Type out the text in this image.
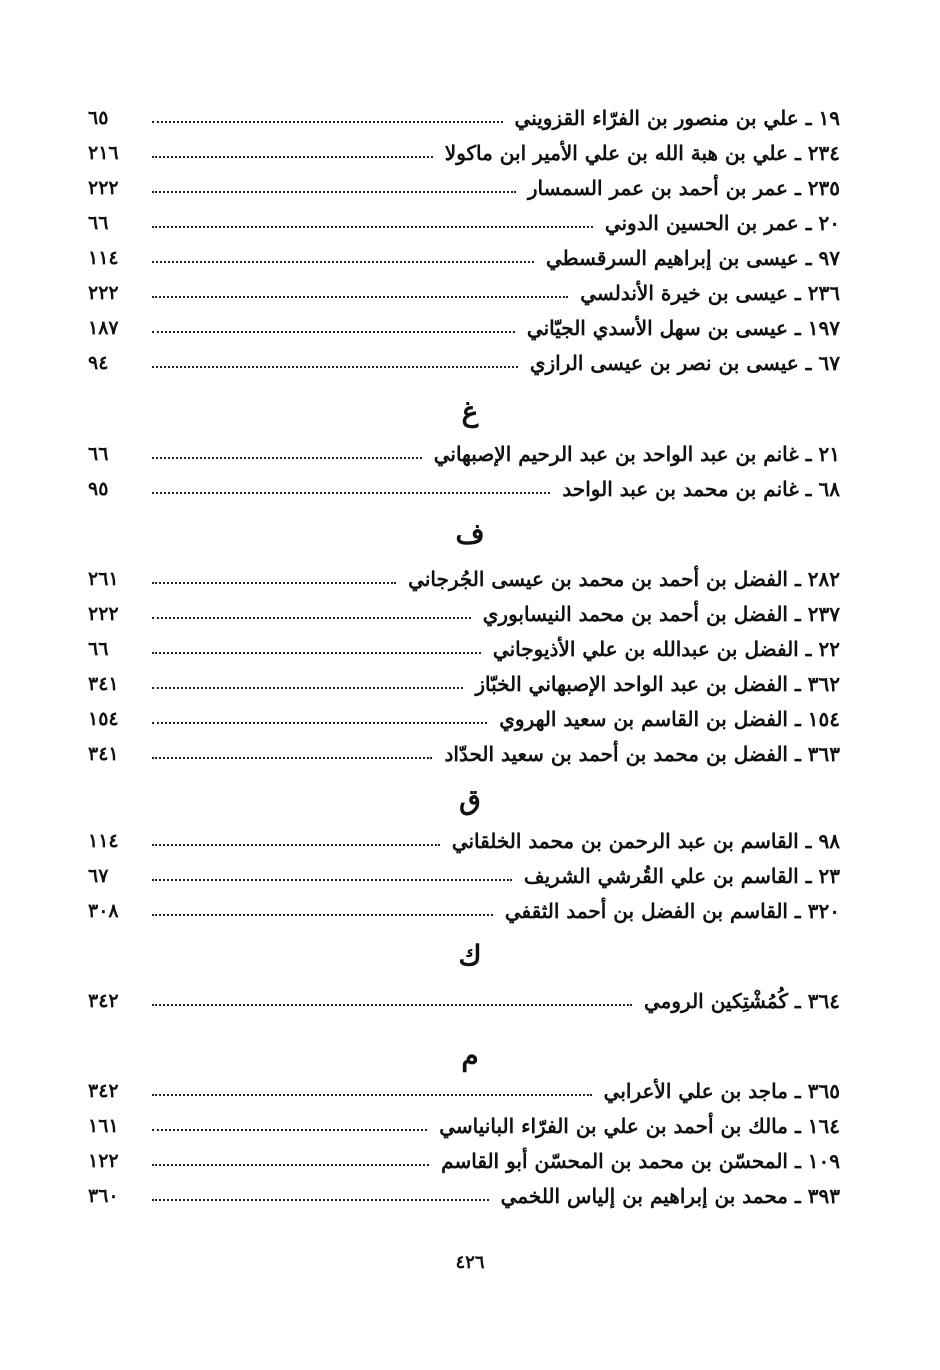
١٩ ـ علي بن منصور بن الفرّاء القزويني
٦٥
٢٣٤ ـ علي بن هبة الله بن علي الأمير ابن ماكولا
٢١٦
٢٣٥ ـ عمر بن أحمد بن عمر السمسار
٢٢٢
٢٠ ـ عمر بن الحسين الدوني
٦٦
٩٧ ـ عيسى بن إبراهيم السرقسطي
١١٤
٢٣٦ ـ عيسى بن خيرة الأندلسي
٢٢٢
١٩٧ ـ عيسى بن سهل الأسدي الجيّاني
١٨٧
٦٧ ـ عيسى بن نصر بن عيسى الرازي
٩٤
غ
٢١ ـ غانم بن عبد الواحد بن عبد الرحيم الإصبهاني
٦٦
٦٨ ـ غانم بن محمد بن عبد الواحد
٩٥
ف
٢٨٢ ـ الفضل بن أحمد بن محمد بن عيسى الجُرجاني
٢٦١
٢٣٧ ـ الفضل بن أحمد بن محمد النيسابوري
٢٢٢
٢٢ ـ الفضل بن عبدالله بن علي الأذيوجاني
٦٦
٣٦٢ ـ الفضل بن عبد الواحد الإصبهاني الخبّاز
٣٤١
١٥٤ ـ الفضل بن القاسم بن سعيد الهروي
١٥٤
٣٦٣ ـ الفضل بن محمد بن أحمد بن سعيد الحدّاد
٣٤١
ق
٩٨ ـ القاسم بن عبد الرحمن بن محمد الخلقاني
١١٤
٢٣ ـ القاسم بن علي القُرشي الشريف
٦٧
٣٢٠ ـ القاسم بن الفضل بن أحمد الثقفي
٣٠٨
ك
٣٦٤ ـ كُمُشْتِكين الرومي
٣٤٢
م
٣٦٥ ـ ماجد بن علي الأعرابي
٣٤٢
١٦٤ ـ مالك بن أحمد بن علي بن الفرّاء البانياسي
١٦١
١٠٩ ـ المحسّن بن محمد بن المحسّن أبو القاسم
١٢٢
٣٩٣ ـ محمد بن إبراهيم بن إلياس اللخمي
٣٦٠
٤٢٦
